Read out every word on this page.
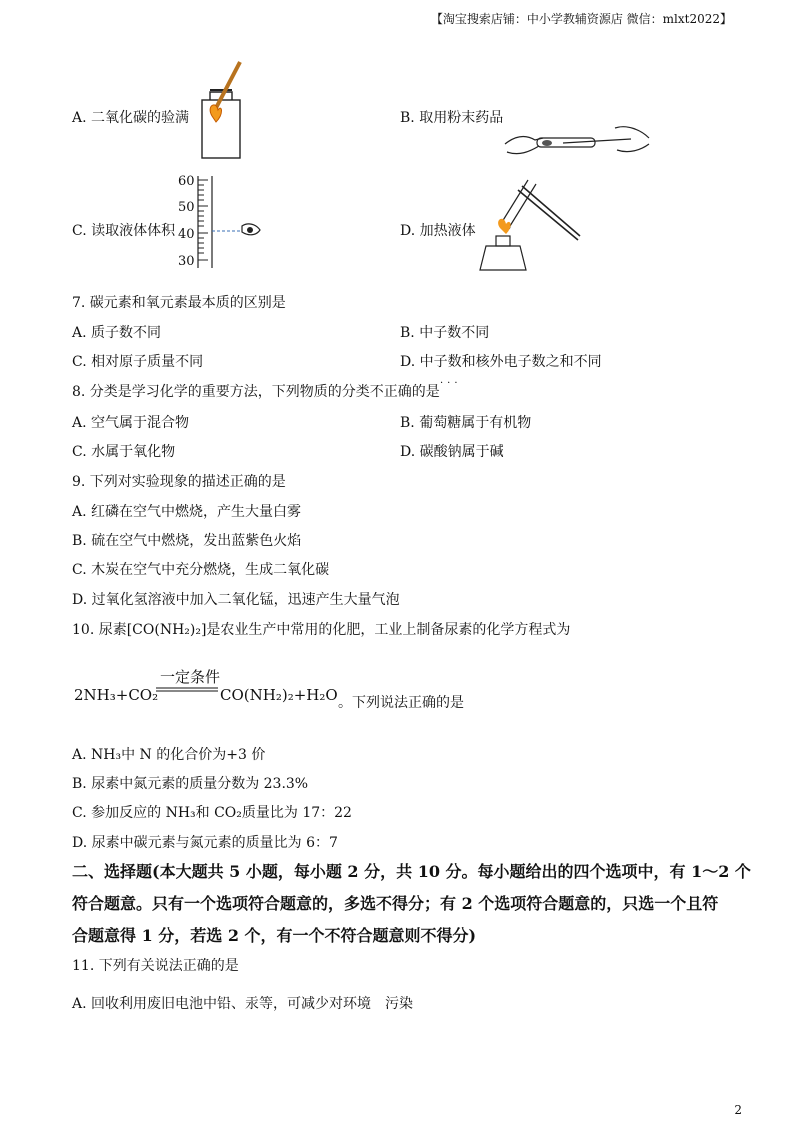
【淘宝搜索店铺：中小学教辅资源店 微信：mlxt2022】
A. 二氧化碳的验满	B. 取用粉末药品
C. 读取液体体积
60
50
40
30
D. 加热液体
7. 碳元素和氧元素最本质的区别是
A. 质子数不同	B. 中子数不同
C. 相对原子质量不同	D. 中子数和核外电子数之和不同
8. 分类是学习化学的重要方法，下列物质的分类不正确的是
···
A. 空气属于混合物	B. 葡萄糖属于有机物
C. 水属于氧化物	D. 碳酸钠属于碱
9. 下列对实验现象的描述正确的是
A. 红磷在空气中燃烧，产生大量白雾
B. 硫在空气中燃烧，发出蓝紫色火焰
C. 木炭在空气中充分燃烧，生成二氧化碳
D. 过氧化氢溶液中加入二氧化锰，迅速产生大量气泡
10. 尿素[CO(NH₂)₂]是农业生产中常用的化肥，工业上制备尿素的化学方程式为
2NH₃+CO₂
一定条件
CO(NH₂)₂+H₂O 。下列说法正确的是
A. NH₃中 N 的化合价为+3 价
B. 尿素中氮元素的质量分数为 23.3%
C. 参加反应的 NH₃和 CO₂质量比为 17：22
D. 尿素中碳元素与氮元素的质量比为 6：7
二、选择题(本大题共 5 小题，每小题 2 分，共 10 分。每小题给出的四个选项中，有 1～2 个
符合题意。只有一个选项符合题意的，多选不得分；有 2 个选项符合题意的，只选一个且符
合题意得 1 分，若选 2 个，有一个不符合题意则不得分)
11. 下列有关说法正确的是
A. 回收利用废旧电池中铅、汞等，可减少对环境　污染
2
